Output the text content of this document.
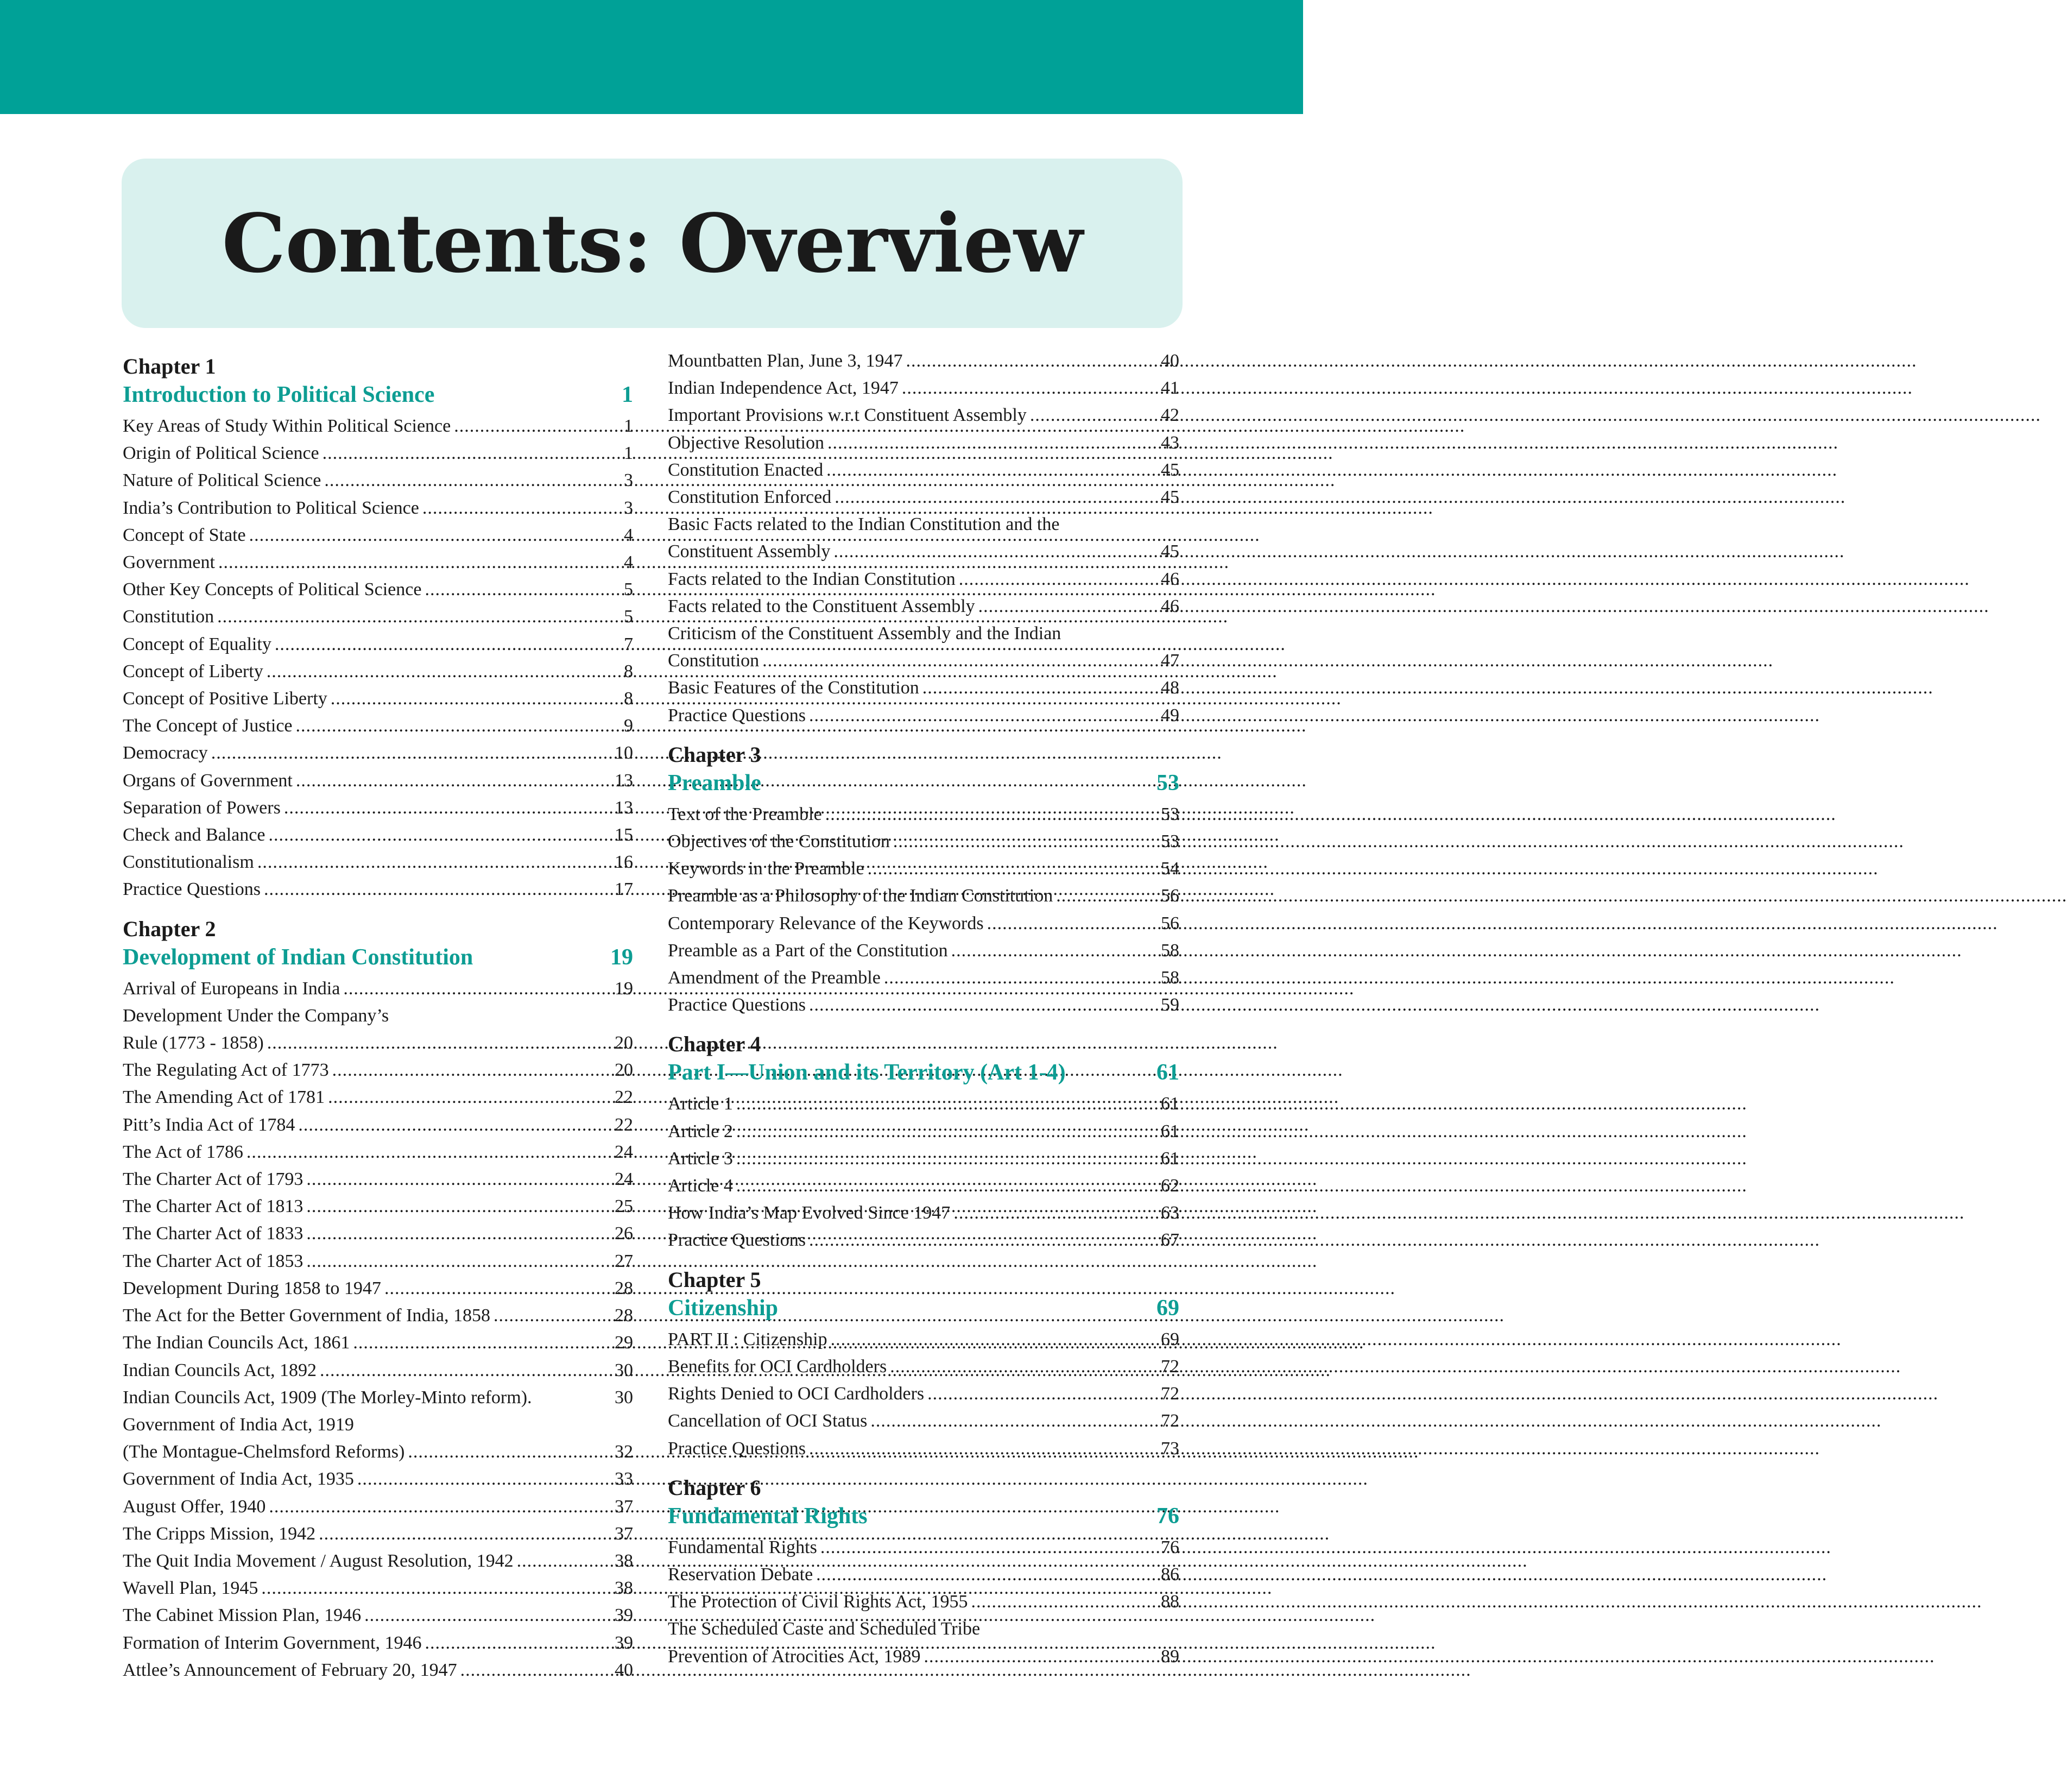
Contents: Overview
Chapter 1
Introduction to Political Science	1
Key Areas of Study Within Political Science .....	1
Origin of Political Science .....	1
Nature of Political Science .....	3
India’s Contribution to Political Science .....	3
Concept of State .....	4
Government .....	4
Other Key Concepts of Political Science .....	5
Constitution .....	5
Concept of Equality .....	7
Concept of Liberty .....	8
Concept of Positive Liberty .....	8
The Concept of Justice .....	9
Democracy .....	10
Organs of Government .....	13
Separation of Powers .....	13
Check and Balance .....	15
Constitutionalism .....	16
Practice Questions .....	17
Chapter 2
Development of Indian Constitution	19
Arrival of Europeans in India .....	19
Development Under the Company’s
Rule (1773 - 1858) .....	20
The Regulating Act of 1773 .....	20
The Amending Act of 1781 .....	22
Pitt’s India Act of 1784 .....	22
The Act of 1786 .....	24
The Charter Act of 1793 .....	24
The Charter Act of 1813 .....	25
The Charter Act of 1833 .....	26
The Charter Act of 1853 .....	27
Development During 1858 to 1947 .....	28
The Act for the Better Government of India, 1858 .....	28
The Indian Councils Act, 1861 .....	29
Indian Councils Act, 1892 .....	30
Indian Councils Act, 1909 (The Morley-Minto reform).	30
Government of India Act, 1919
(The Montague-Chelmsford Reforms) .....	32
Government of India Act, 1935 .....	33
August Offer, 1940 .....	37
The Cripps Mission, 1942 .....	37
The Quit India Movement / August Resolution, 1942 .....	38
Wavell Plan, 1945 .....	38
The Cabinet Mission Plan, 1946 .....	39
Formation of Interim Government, 1946 .....	39
Attlee’s Announcement of February 20, 1947 .....	40
Mountbatten Plan, June 3, 1947 .....	40
Indian Independence Act, 1947 .....	41
Important Provisions w.r.t Constituent Assembly .....	42
Objective Resolution .....	43
Constitution Enacted .....	45
Constitution Enforced .....	45
Basic Facts related to the Indian Constitution and the
Constituent Assembly .....	45
Facts related to the Indian Constitution .....	46
Facts related to the Constituent Assembly .....	46
Criticism of the Constituent Assembly and the Indian
Constitution .....	47
Basic Features of the Constitution .....	48
Practice Questions .....	49
Chapter 3
Preamble	53
Text of the Preamble .....	53
Objectives of the Constitution .....	53
Keywords in the Preamble .....	54
Preamble as a Philosophy of the Indian Constitution .....	56
Contemporary Relevance of the Keywords .....	56
Preamble as a Part of the Constitution .....	58
Amendment of the Preamble .....	58
Practice Questions .....	59
Chapter 4
Part I—Union and its Territory (Art 1-4)	61
Article 1 .....	61
Article 2 .....	61
Article 3 .....	61
Article 4 .....	62
How India’s Map Evolved Since 1947 .....	63
Practice Questions .....	67
Chapter 5
Citizenship	69
PART II : Citizenship .....	69
Benefits for OCI Cardholders .....	72
Rights Denied to OCI Cardholders .....	72
Cancellation of OCI Status .....	72
Practice Questions .....	73
Chapter 6
Fundamental Rights	76
Fundamental Rights .....	76
Reservation Debate .....	86
The Protection of Civil Rights Act, 1955 .....	88
The Scheduled Caste and Scheduled Tribe
Prevention of Atrocities Act, 1989 .....	89
